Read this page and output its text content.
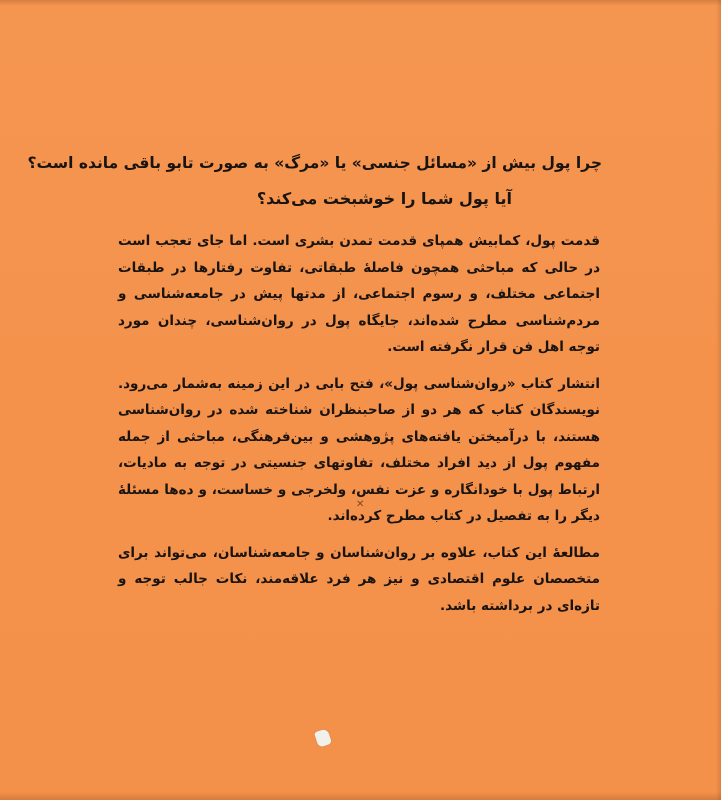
چرا پول بیش از «مسائل جنسی» یا «مرگ» به صورت تابو باقی مانده است؟

آیا پول شما را خوشبخت می‌کند؟

قدمت پول، کمابیش همپای قدمت تمدن بشری است. اما جای تعجب است در حالی که مباحثی همچون فاصلهٔ طبقاتی، تفاوت رفتارها در طبقات اجتماعی مختلف، و رسوم اجتماعی، از مدتها پیش در جامعه‌شناسی و مردم‌شناسی مطرح شده‌اند، جایگاه پول در روان‌شناسی، چندان مورد توجه اهل فن قرار نگرفته است.

انتشار کتاب «روان‌شناسی پول»، فتح بابی در این زمینه به‌شمار می‌رود. نویسندگان کتاب که هر دو از صاحبنظران شناخته شده در روان‌شناسی هستند، با درآمیختن یافته‌های پژوهشی و بین‌فرهنگی، مباحثی از جمله مفهوم پول از دید افراد مختلف، تفاوتهای جنسیتی در توجه به مادیات، ارتباط پول با خودانگاره و عزت نفس، ولخرجی و خساست، و ده‌ها مسئلهٔ دیگر را به تفصیل در کتاب مطرح کرده‌اند.

مطالعهٔ این کتاب، علاوه بر روان‌شناسان و جامعه‌شناسان، می‌تواند برای متخصصان علوم اقتصادی و نیز هر فرد علاقه‌مند، نکات جالب توجه و تازه‌ای در برداشته باشد.

✕
